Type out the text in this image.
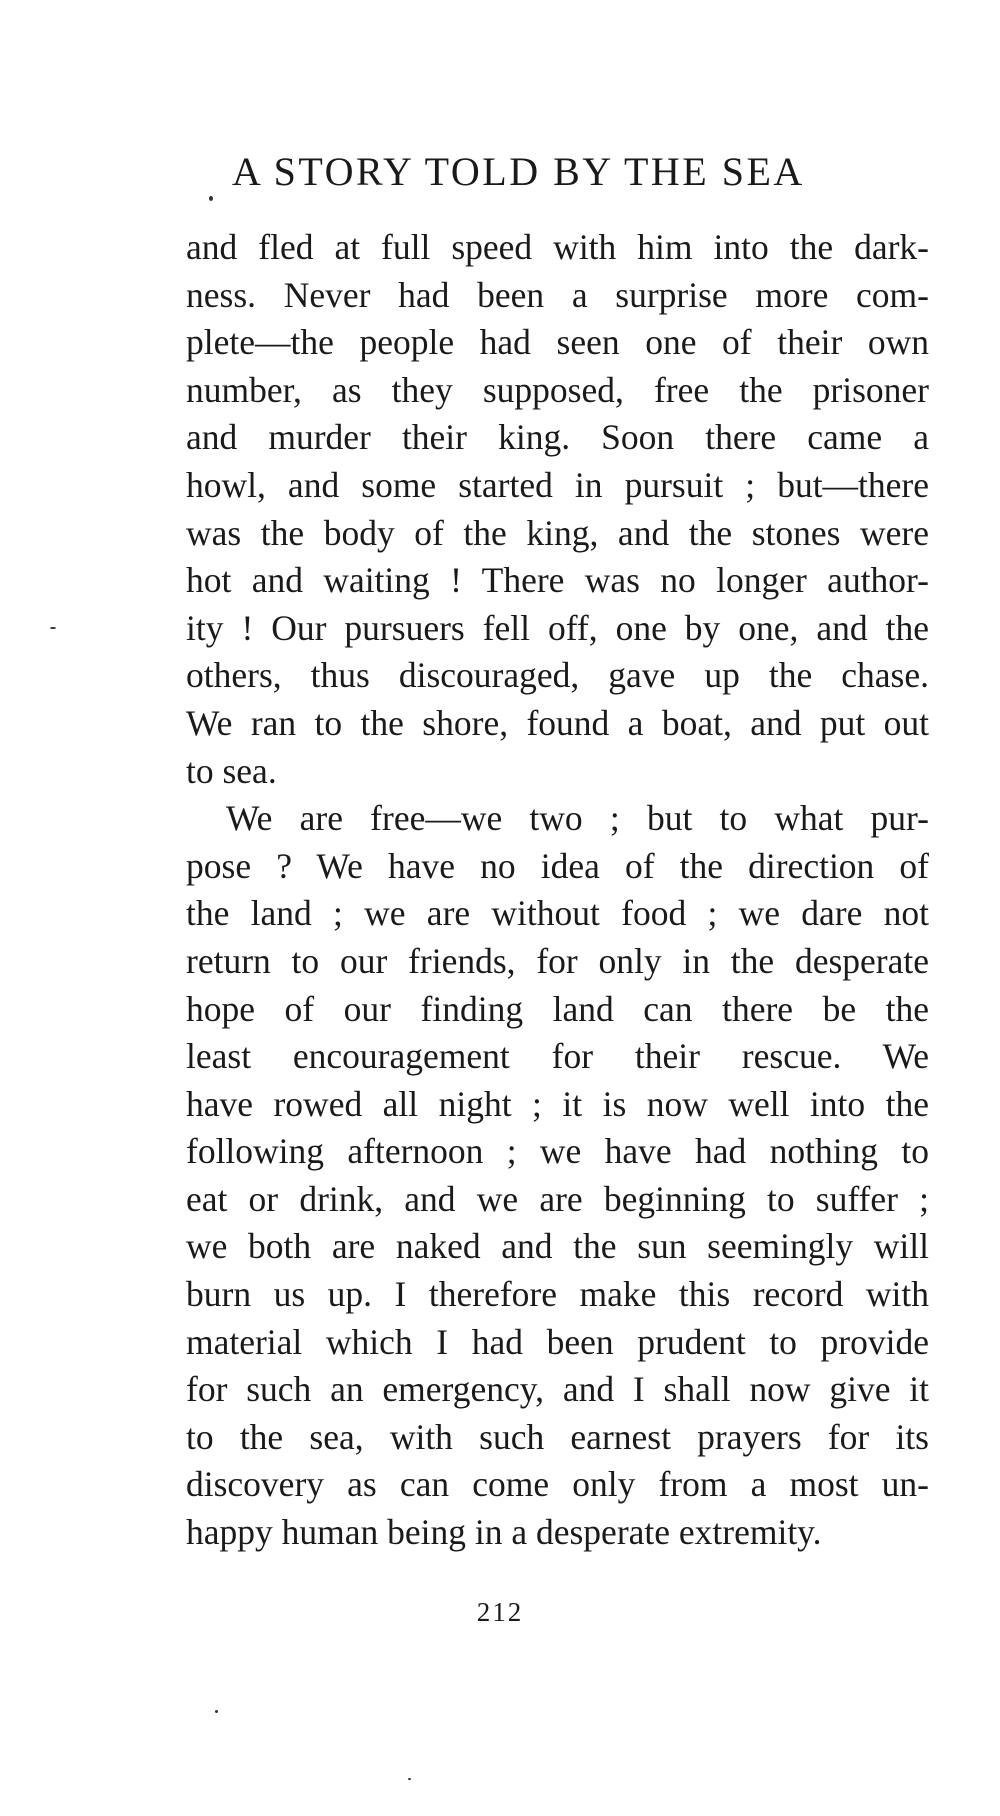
A STORY TOLD BY THE SEA
and fled at full speed with him into the dark-
ness. Never had been a surprise more com-
plete—the people had seen one of their own
number, as they supposed, free the prisoner
and murder their king. Soon there came a
howl, and some started in pursuit ; but—there
was the body of the king, and the stones were
hot and waiting ! There was no longer author-
ity ! Our pursuers fell off, one by one, and the
others, thus discouraged, gave up the chase.
We ran to the shore, found a boat, and put out
to sea.
We are free—we two ; but to what pur-
pose ? We have no idea of the direction of
the land ; we are without food ; we dare not
return to our friends, for only in the desperate
hope of our finding land can there be the
least encouragement for their rescue. We
have rowed all night ; it is now well into the
following afternoon ; we have had nothing to
eat or drink, and we are beginning to suffer ;
we both are naked and the sun seemingly will
burn us up. I therefore make this record with
material which I had been prudent to provide
for such an emergency, and I shall now give it
to the sea, with such earnest prayers for its
discovery as can come only from a most un-
happy human being in a desperate extremity.
212
